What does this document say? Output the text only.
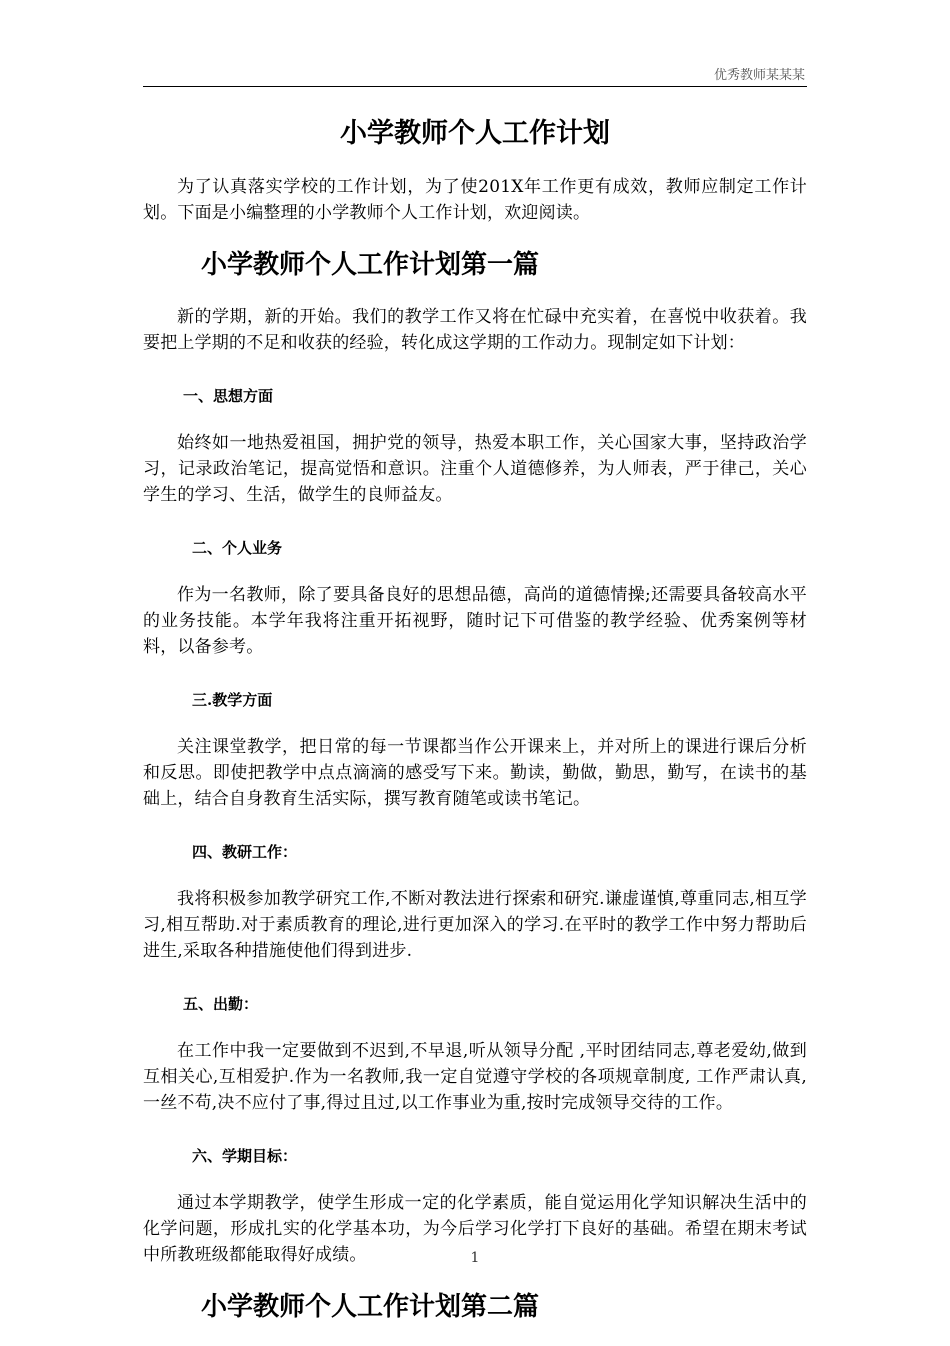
优秀教师某某某
小学教师个人工作计划

为了认真落实学校的工作计划，为了使201X年工作更有成效，教师应制定工作计划。下面是小编整理的小学教师个人工作计划，欢迎阅读。

小学教师个人工作计划第一篇

新的学期，新的开始。我们的教学工作又将在忙碌中充实着，在喜悦中收获着。我要把上学期的不足和收获的经验，转化成这学期的工作动力。现制定如下计划：

一、思想方面

始终如一地热爱祖国，拥护党的领导，热爱本职工作，关心国家大事，坚持政治学习，记录政治笔记，提高觉悟和意识。注重个人道德修养，为人师表，严于律己，关心学生的学习、生活，做学生的良师益友。

二、个人业务

作为一名教师，除了要具备良好的思想品德，高尚的道德情操;还需要具备较高水平的业务技能。本学年我将注重开拓视野，随时记下可借鉴的教学经验、优秀案例等材料，以备参考。

三.教学方面

关注课堂教学，把日常的每一节课都当作公开课来上，并对所上的课进行课后分析和反思。即使把教学中点点滴滴的感受写下来。勤读，勤做，勤思，勤写，在读书的基础上，结合自身教育生活实际，撰写教育随笔或读书笔记。

四、教研工作：

我将积极参加教学研究工作,不断对教法进行探索和研究.谦虚谨慎,尊重同志,相互学习,相互帮助.对于素质教育的理论,进行更加深入的学习.在平时的教学工作中努力帮助后进生,采取各种措施使他们得到进步.

五、出勤：

在工作中我一定要做到不迟到,不早退,听从领导分配 ,平时团结同志,尊老爱幼,做到互相关心,互相爱护.作为一名教师,我一定自觉遵守学校的各项规章制度, 工作严肃认真,一丝不苟,决不应付了事,得过且过,以工作事业为重,按时完成领导交待的工作。

六、学期目标：

通过本学期教学，使学生形成一定的化学素质，能自觉运用化学知识解决生活中的化学问题，形成扎实的化学基本功，为今后学习化学打下良好的基础。希望在期末考试中所教班级都能取得好成绩。

小学教师个人工作计划第二篇
1
